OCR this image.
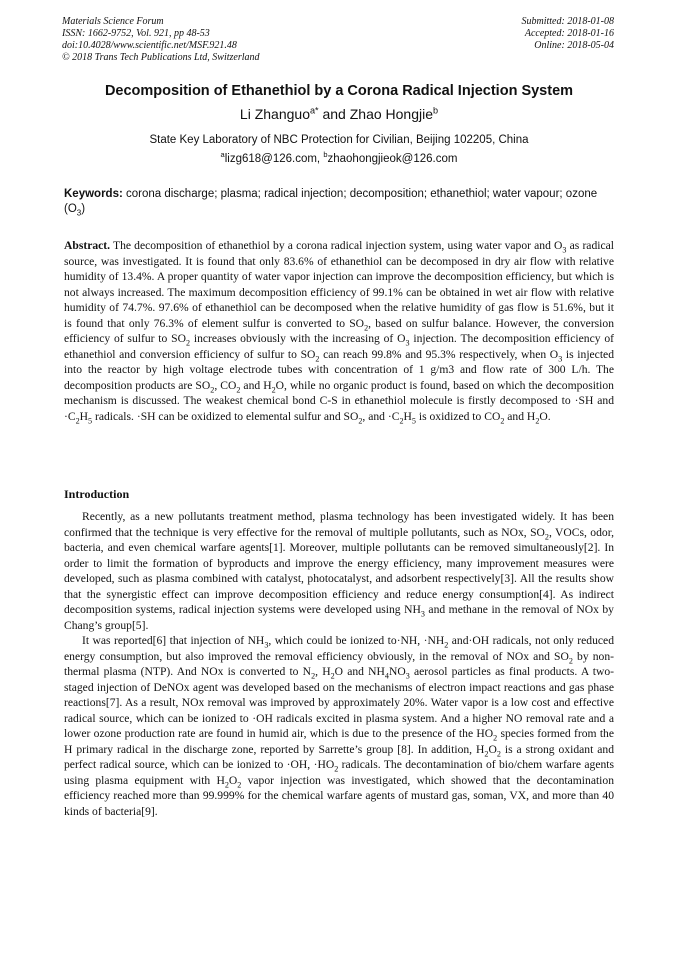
Materials Science Forum
ISSN: 1662-9752, Vol. 921, pp 48-53
doi:10.4028/www.scientific.net/MSF.921.48
© 2018 Trans Tech Publications Ltd, Switzerland
Submitted: 2018-01-08
Accepted: 2018-01-16
Online: 2018-05-04
Decomposition of Ethanethiol by a Corona Radical Injection System
Li Zhanguo$^{a*}$ and Zhao Hongjie$^b$
State Key Laboratory of NBC Protection for Civilian, Beijing 102205, China
$^a$lizg618@126.com, $^b$zhaohongjieok@126.com
Keywords: corona discharge; plasma; radical injection; decomposition; ethanethiol; water vapour; ozone $(O_3)$
Abstract. The decomposition of ethanethiol by a corona radical injection system, using water vapor and $O_3$ as radical source, was investigated. It is found that only 83.6% of ethanethiol can be decomposed in dry air flow with relative humidity of 13.4%. A proper quantity of water vapor injection can improve the decomposition efficiency, but which is not always increased. The maximum decomposition efficiency of 99.1% can be obtained in wet air flow with relative humidity of 74.7%. 97.6% of ethanethiol can be decomposed when the relative humidity of gas flow is 51.6%, but it is found that only 76.3% of element sulfur is converted to $SO_2$, based on sulfur balance. However, the conversion efficiency of sulfur to $SO_2$ increases obviously with the increasing of $O_3$ injection. The decomposition efficiency of ethanethiol and conversion efficiency of sulfur to $SO_2$ can reach 99.8% and 95.3% respectively, when $O_3$ is injected into the reactor by high voltage electrode tubes with concentration of 1 g/m3 and flow rate of 300 L/h. The decomposition products are $SO_2$, $CO_2$ and $H_2O$, while no organic product is found, based on which the decomposition mechanism is discussed. The weakest chemical bond C-S in ethanethiol molecule is firstly decomposed to ·SH and $\cdot C_2H_5$ radicals. ·SH can be oxidized to elemental sulfur and $SO_2$, and $\cdot C_2H_5$ is oxidized to $CO_2$ and $H_2O$.
Introduction

Recently, as a new pollutants treatment method, plasma technology has been investigated widely. It has been confirmed that the technique is very effective for the removal of multiple pollutants, such as NOx, $SO_2$, VOCs, odor, bacteria, and even chemical warfare agents[1]. Moreover, multiple pollutants can be removed simultaneously[2]. In order to limit the formation of byproducts and improve the energy efficiency, many improvement measures were developed, such as plasma combined with catalyst, photocatalyst, and adsorbent respectively[3]. All the results show that the synergistic effect can improve decomposition efficiency and reduce energy consumption[4]. As indirect decomposition systems, radical injection systems were developed using $NH_3$ and methane in the removal of NOx by Chang’s group[5].

It was reported[6] that injection of $NH_3$, which could be ionized to·NH, $\cdot NH_2$ and·OH radicals, not only reduced energy consumption, but also improved the removal efficiency obviously, in the removal of NOx and $SO_2$ by non-thermal plasma (NTP). And NOx is converted to $N_2$, $H_2O$ and $NH_4NO_3$ aerosol particles as final products. A two-staged injection of DeNOx agent was developed based on the mechanisms of electron impact reactions and gas phase reactions[7]. As a result, NOx removal was improved by approximately 20%. Water vapor is a low cost and effective radical source, which can be ionized to ·OH radicals excited in plasma system. And a higher NO removal rate and a lower ozone production rate are found in humid air, which is due to the presence of the $HO_2$ species formed from the H primary radical in the discharge zone, reported by Sarrette’s group [8]. In addition, $H_2O_2$ is a strong oxidant and perfect radical source, which can be ionized to ·OH, $\cdot HO_2$ radicals. The decontamination of bio/chem warfare agents using plasma equipment with $H_2O_2$ vapor injection was investigated, which showed that the decontamination efficiency reached more than 99.999% for the chemical warfare agents of mustard gas, soman, VX, and more than 40 kinds of bacteria[9].
